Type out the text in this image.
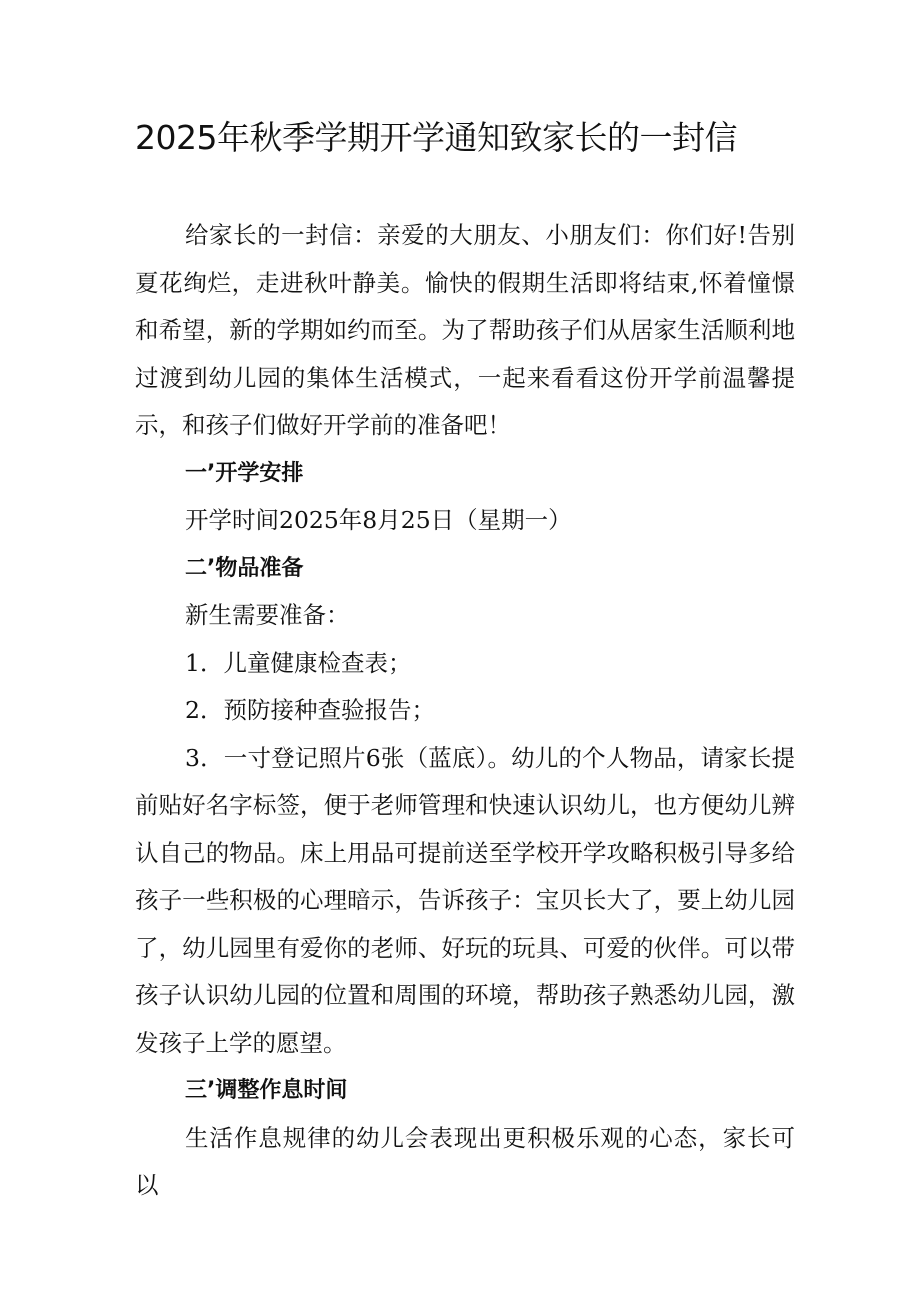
2025年秋季学期开学通知致家长的一封信

给家长的一封信：亲爱的大朋友、小朋友们：你们好!告别夏花绚烂，走进秋叶静美。愉快的假期生活即将结束,怀着憧憬和希望，新的学期如约而至。为了帮助孩子们从居家生活顺利地过渡到幼儿园的集体生活模式，一起来看看这份开学前温馨提示，和孩子们做好开学前的准备吧！

一’开学安排

开学时间2025年8月25日（星期一）

二’物品准备

新生需要准备：

1．儿童健康检查表；

2．预防接种查验报告；

3．一寸登记照片6张（蓝底）。幼儿的个人物品，请家长提前贴好名字标签，便于老师管理和快速认识幼儿，也方便幼儿辨认自己的物品。床上用品可提前送至学校开学攻略积极引导多给孩子一些积极的心理暗示，告诉孩子：宝贝长大了，要上幼儿园了，幼儿园里有爱你的老师、好玩的玩具、可爱的伙伴。可以带孩子认识幼儿园的位置和周围的环境，帮助孩子熟悉幼儿园，激发孩子上学的愿望。

三’调整作息时间

生活作息规律的幼儿会表现出更积极乐观的心态，家长可以
